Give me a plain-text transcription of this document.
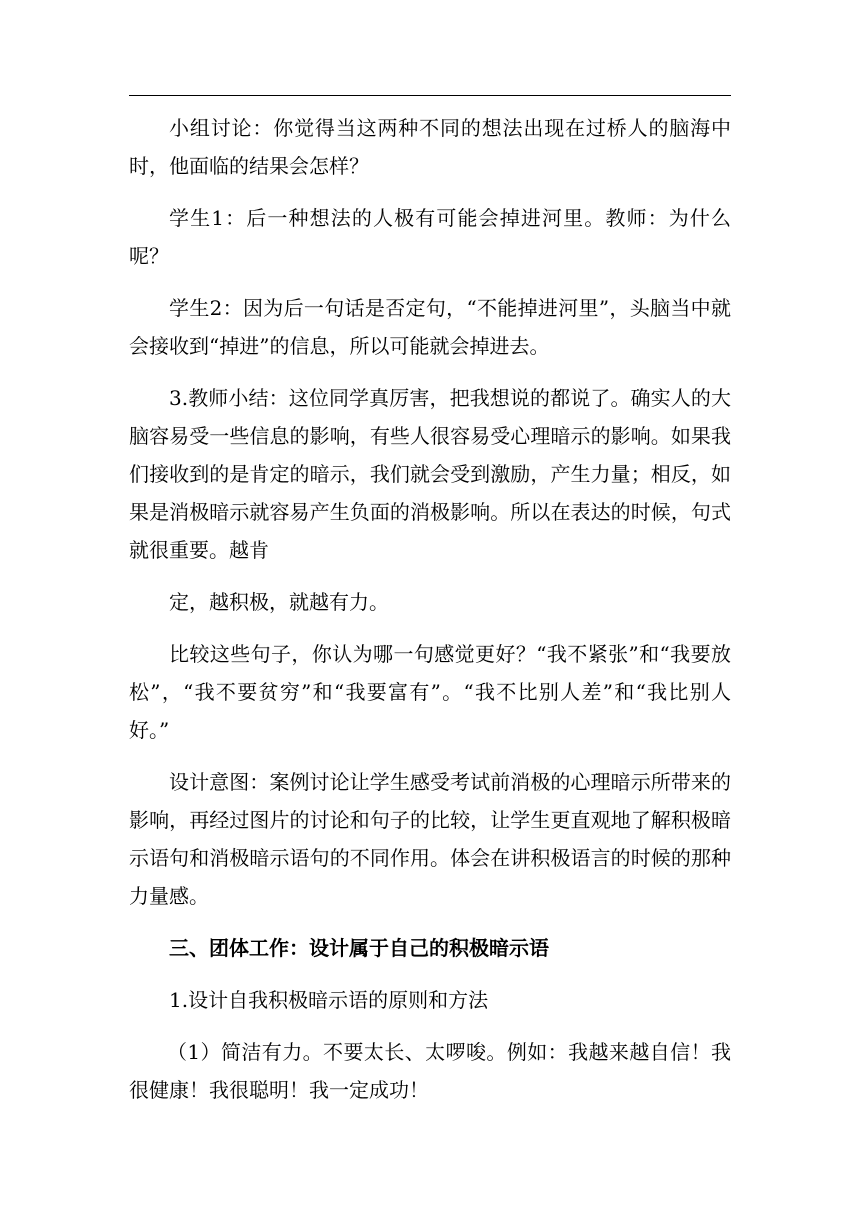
小组讨论：你觉得当这两种不同的想法出现在过桥人的脑海中时，他面临的结果会怎样？

学生1：后一种想法的人极有可能会掉进河里。教师：为什么呢？

学生2：因为后一句话是否定句，“不能掉进河里”，头脑当中就会接收到“掉进”的信息，所以可能就会掉进去。

3.教师小结：这位同学真厉害，把我想说的都说了。确实人的大脑容易受一些信息的影响，有些人很容易受心理暗示的影响。如果我们接收到的是肯定的暗示，我们就会受到激励，产生力量；相反，如果是消极暗示就容易产生负面的消极影响。所以在表达的时候，句式就很重要。越肯

定，越积极，就越有力。

比较这些句子，你认为哪一句感觉更好？“我不紧张”和“我要放松”，“我不要贫穷”和“我要富有”。“我不比别人差”和“我比别人好。”

设计意图：案例讨论让学生感受考试前消极的心理暗示所带来的影响，再经过图片的讨论和句子的比较，让学生更直观地了解积极暗示语句和消极暗示语句的不同作用。体会在讲积极语言的时候的那种力量感。

三、团体工作：设计属于自己的积极暗示语

1.设计自我积极暗示语的原则和方法

（1）简洁有力。不要太长、太啰唆。例如：我越来越自信！我很健康！我很聪明！我一定成功！
